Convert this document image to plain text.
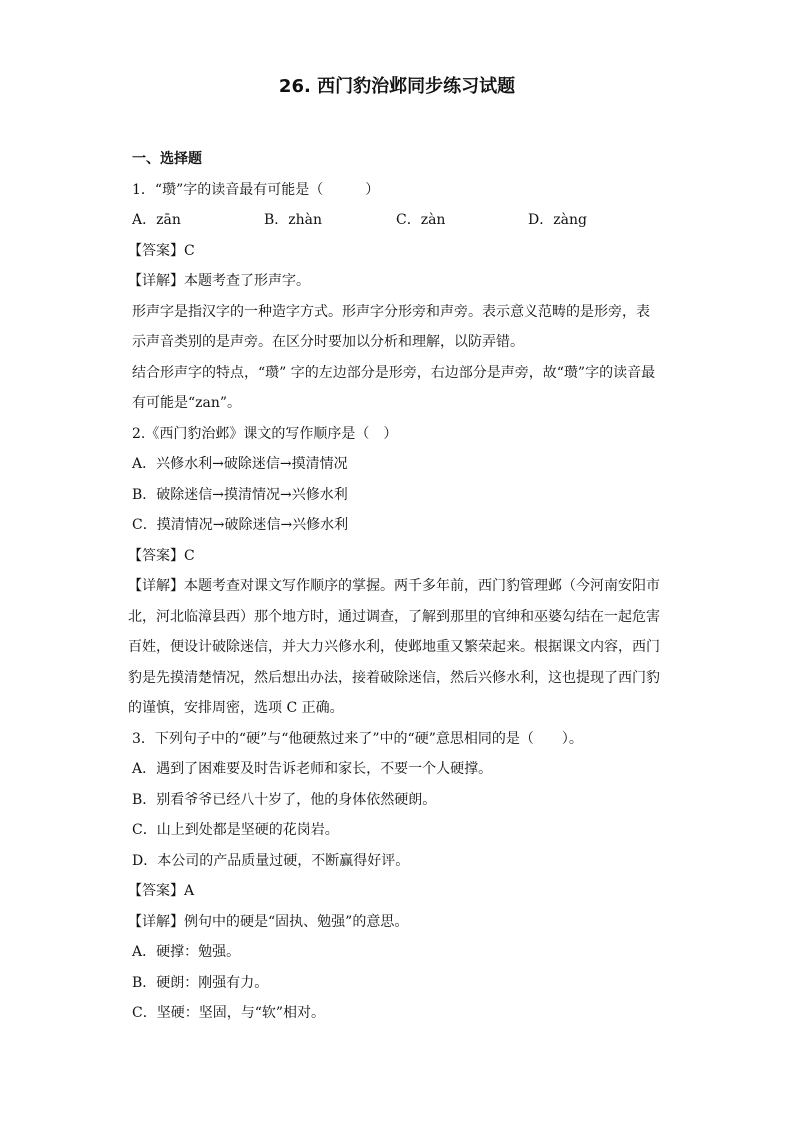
26. 西门豹治邺同步练习试题
一、选择题
1．“瓒”字的读音最有可能是（　　　）
A．zān	B．zhàn	C．zàn	D．zàng
【答案】C
【详解】本题考查了形声字。
形声字是指汉字的一种造字方式。形声字分形旁和声旁。表示意义范畴的是形旁，表示声音类别的是声旁。在区分时要加以分析和理解，以防弄错。
结合形声字的特点，“瓒” 字的左边部分是形旁，右边部分是声旁，故“瓒”字的读音最有可能是“zan”。
2.《西门豹治邺》课文的写作顺序是（　）
A．兴修水利→破除迷信→摸清情况
B．破除迷信→摸清情况→兴修水利
C．摸清情况→破除迷信→兴修水利
【答案】C
【详解】本题考查对课文写作顺序的掌握。两千多年前，西门豹管理邺（今河南安阳市北，河北临漳县西）那个地方时，通过调查，了解到那里的官绅和巫婆勾结在一起危害百姓，便设计破除迷信，并大力兴修水利，使邺地重又繁荣起来。根据课文内容，西门豹是先摸清楚情况，然后想出办法，接着破除迷信，然后兴修水利，这也提现了西门豹的谨慎，安排周密，选项 C 正确。
3．下列句子中的“硬”与“他硬熬过来了”中的“硬”意思相同的是（　　）。
A．遇到了困难要及时告诉老师和家长，不要一个人硬撑。
B．别看爷爷已经八十岁了，他的身体依然硬朗。
C．山上到处都是坚硬的花岗岩。
D．本公司的产品质量过硬，不断赢得好评。
【答案】A
【详解】例句中的硬是“固执、勉强”的意思。
A．硬撑：勉强。
B．硬朗：刚强有力。
C．坚硬：坚固，与“软”相对。
